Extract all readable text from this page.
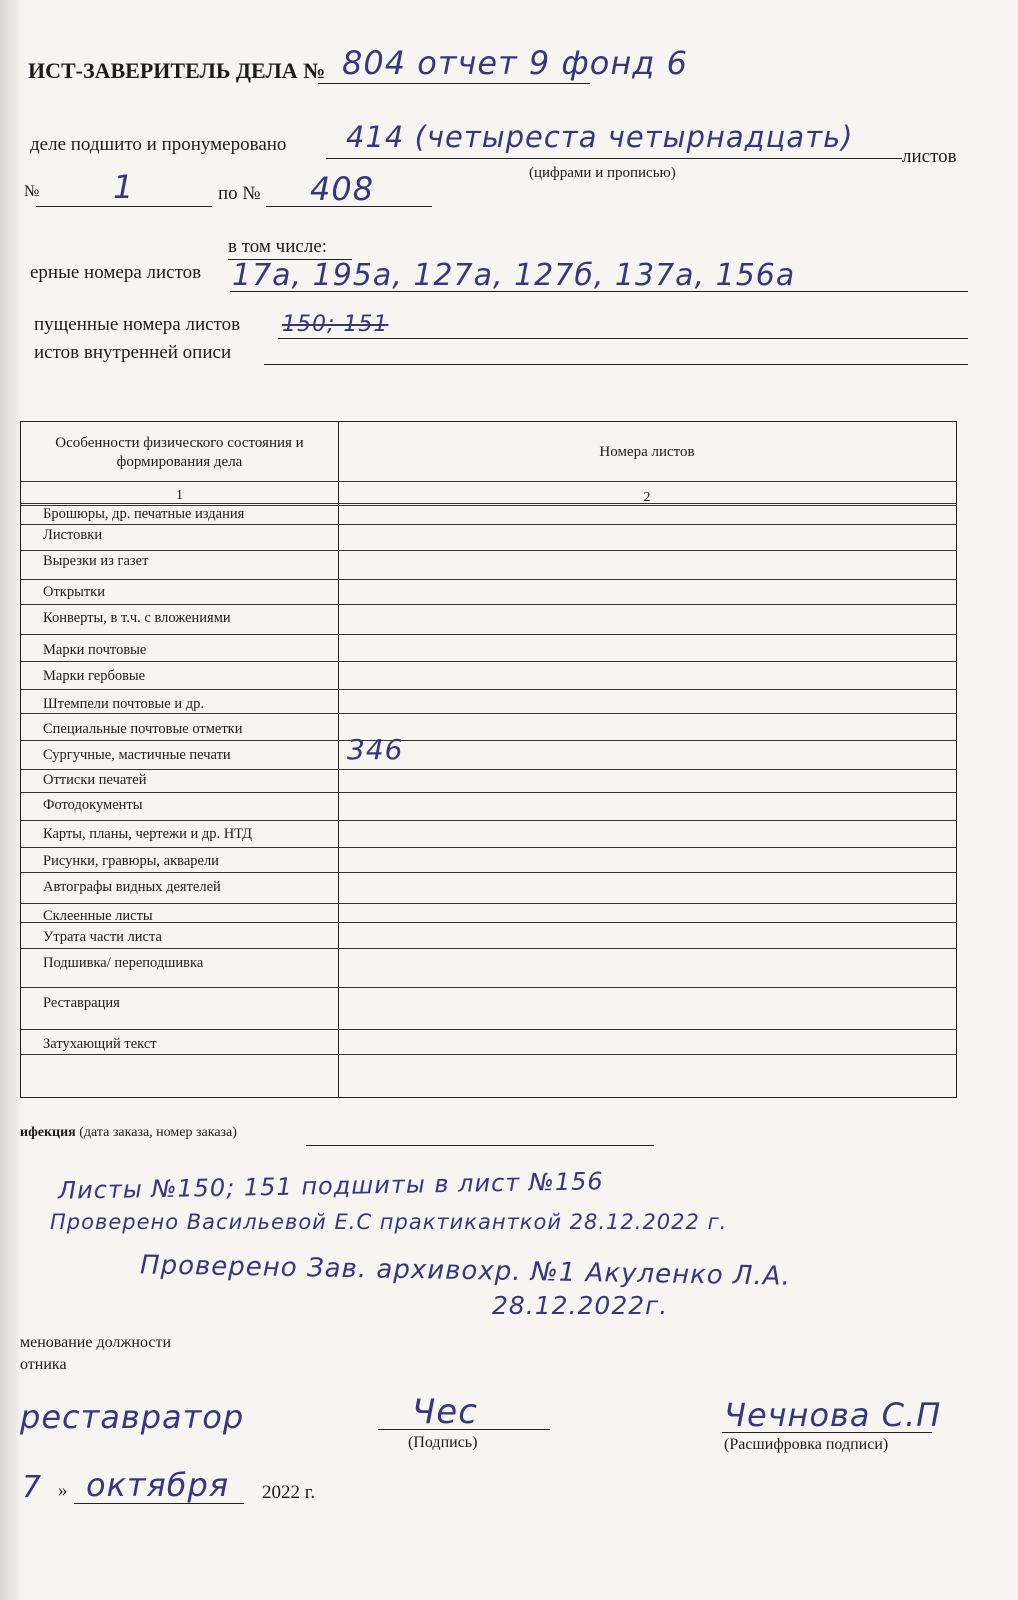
ИСТ-ЗАВЕРИТЕЛЬ ДЕЛА № 804 отчет 9 фонд 6
деле подшито и пронумеровано 414 (четыреста четырнадцать)
листов
(цифрами и прописью)
№ 1	по № 408
в том числе:
ерные номера листов 17а, 195а, 127а, 127б, 137а, 156а
пущенные номера листов 150; 151
истов внутренней описи
Особенности физического состояния и формирования дела
Номера листов
1	2
Брошюры, др. печатные издания
Листовки
Вырезки из газет
Открытки
Конверты, в т.ч. с вложениями
Марки почтовые
Марки гербовые
Штемпели почтовые и др.
Специальные почтовые отметки
Сургучные, мастичные печати	346
Оттиски печатей
Фотодокументы
Карты, планы, чертежи и др. НТД
Рисунки, гравюры, акварели
Автографы видных деятелей
Склеенные листы
Утрата части листа
Подшивка/ переподшивка
Реставрация
Затухающий текст
ифекция (дата заказа, номер заказа)
Листы №150; 151 подшиты в лист №156
Проверено Васильевой Е.С практиканткой 28.12.2022 г.
Проверено Зав. архивохр. №1 Акуленко Л.А.
28.12.2022г.
менование должности
отника
реставратор	Чес
(Подпись)
Чечнова С.П
(Расшифровка подписи)
7 » октября 2022 г.
